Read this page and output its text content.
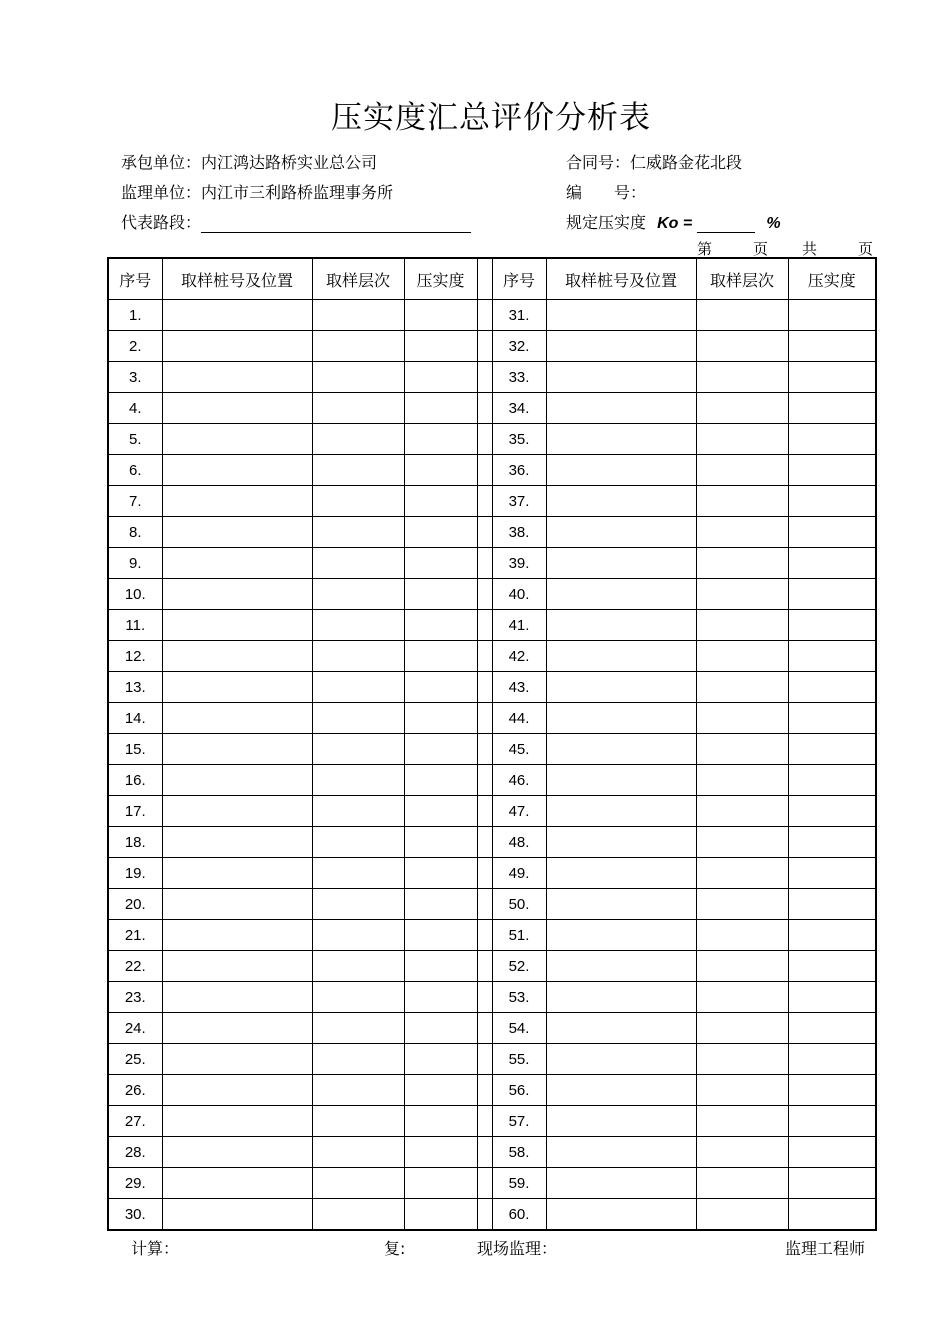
压实度汇总评价分析表
承包单位：内江鸿达路桥实业总公司
监理单位：内江市三利路桥监理事务所
代表路段：
合同号：仁威路金花北段
编　　号：
规定压实度 Ko =	%
第	页 共	页
序号	取样桩号及位置	取样层次	压实度		序号	取样桩号及位置	取样层次	压实度
1.					31.			
2.					32.			
3.					33.			
4.					34.			
5.					35.			
6.					36.			
7.					37.			
8.					38.			
9.					39.			
10.					40.			
11.					41.			
12.					42.			
13.					43.			
14.					44.			
15.					45.			
16.					46.			
17.					47.			
18.					48.			
19.					49.			
20.					50.			
21.					51.			
22.					52.			
23.					53.			
24.					54.			
25.					55.			
26.					56.			
27.					57.			
28.					58.			
29.					59.			
30.					60.			
计算：	复:	现场监理：	监理工程师
